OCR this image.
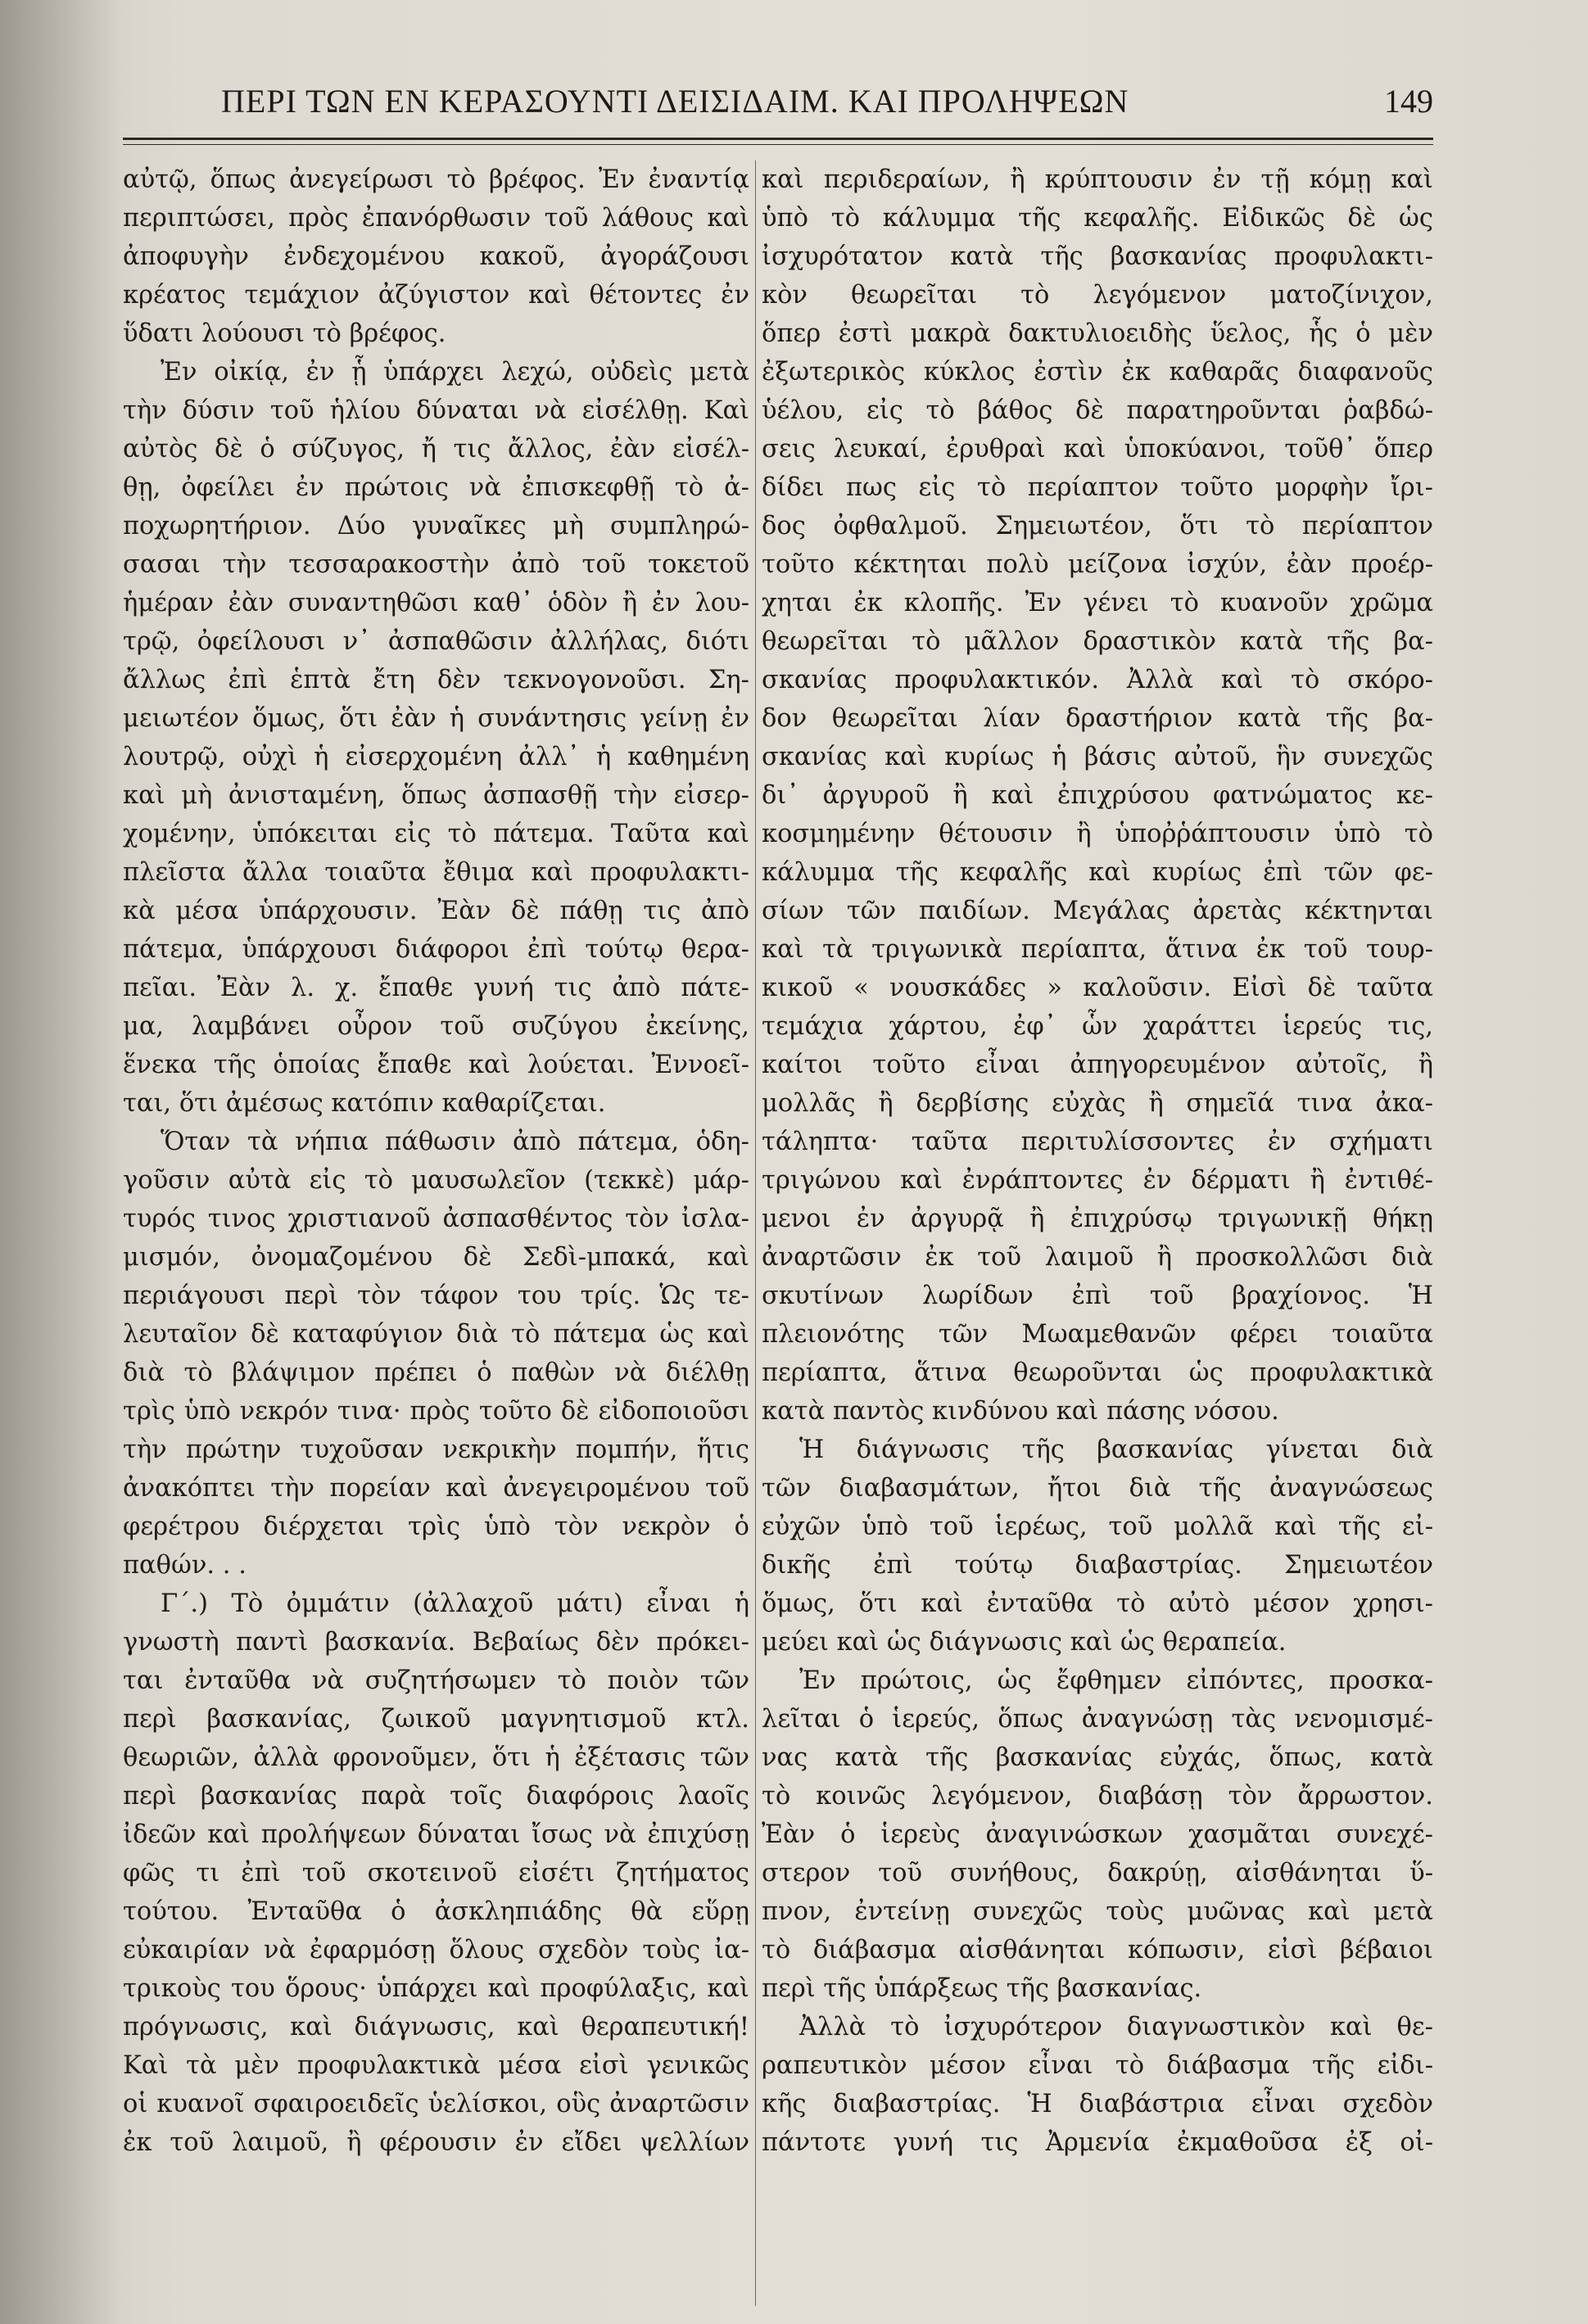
ΠΕΡΙ ΤΩΝ ΕΝ ΚΕΡΑΣΟΥΝΤΙ ΔΕΙΣΙΔΑΙΜ. ΚΑΙ ΠΡΟΛΗΨΕΩΝ	149
αὐτῷ, ὅπως ἀνεγείρωσι τὸ βρέφος. Ἐν ἐναντίᾳ
περιπτώσει, πρὸς ἐπανόρθωσιν τοῦ λάθους καὶ
ἀποφυγὴν ἐνδεχομένου κακοῦ, ἀγοράζουσι
κρέατος τεμάχιον ἀζύγιστον καὶ θέτοντες ἐν
ὕδατι λούουσι τὸ βρέφος.
Ἐν οἰκίᾳ, ἐν ᾗ ὑπάρχει λεχώ, οὐδεὶς μετὰ
τὴν δύσιν τοῦ ἡλίου δύναται νὰ εἰσέλθῃ. Καὶ
αὐτὸς δὲ ὁ σύζυγος, ἤ τις ἄλλος, ἐὰν εἰσέλ-
θῃ, ὀφείλει ἐν πρώτοις νὰ ἐπισκεφθῇ τὸ ἀ-
ποχωρητήριον. Δύο γυναῖκες μὴ συμπληρώ-
σασαι τὴν τεσσαρακοστὴν ἀπὸ τοῦ τοκετοῦ
ἡμέραν ἐὰν συναντηθῶσι καθ᾽ ὁδὸν ἢ ἐν λου-
τρῷ, ὀφείλουσι ν᾽ ἀσπαθῶσιν ἀλλήλας, διότι
ἄλλως ἐπὶ ἑπτὰ ἔτη δὲν τεκνογονοῦσι. Ση-
μειωτέον ὅμως, ὅτι ἐὰν ἡ συνάντησις γείνῃ ἐν
λουτρῷ, οὐχὶ ἡ εἰσερχομένη ἀλλ᾽ ἡ καθημένη
καὶ μὴ ἀνισταμένη, ὅπως ἀσπασθῇ τὴν εἰσερ-
χομένην, ὑπόκειται εἰς τὸ πάτεμα. Ταῦτα καὶ
πλεῖστα ἄλλα τοιαῦτα ἔθιμα καὶ προφυλακτι-
κὰ μέσα ὑπάρχουσιν. Ἐὰν δὲ πάθῃ τις ἀπὸ
πάτεμα, ὑπάρχουσι διάφοροι ἐπὶ τούτῳ θερα-
πεῖαι. Ἐὰν λ. χ. ἔπαθε γυνή τις ἀπὸ πάτε-
μα, λαμβάνει οὖρον τοῦ συζύγου ἐκείνης,
ἕνεκα τῆς ὁποίας ἔπαθε καὶ λούεται. Ἐννοεῖ-
ται, ὅτι ἀμέσως κατόπιν καθαρίζεται.
Ὅταν τὰ νήπια πάθωσιν ἀπὸ πάτεμα, ὁδη-
γοῦσιν αὐτὰ εἰς τὸ μαυσωλεῖον (τεκκὲ) μάρ-
τυρός τινος χριστιανοῦ ἀσπασθέντος τὸν ἰσλα-
μισμόν, ὀνομαζομένου δὲ Σεδὶ-μπακά, καὶ
περιάγουσι περὶ τὸν τάφον του τρίς. Ὡς τε-
λευταῖον δὲ καταφύγιον διὰ τὸ πάτεμα ὡς καὶ
διὰ τὸ βλάψιμον πρέπει ὁ παθὼν νὰ διέλθῃ
τρὶς ὑπὸ νεκρόν τινα· πρὸς τοῦτο δὲ εἰδοποιοῦσι
τὴν πρώτην τυχοῦσαν νεκρικὴν πομπήν, ἥτις
ἀνακόπτει τὴν πορείαν καὶ ἀνεγειρομένου τοῦ
φερέτρου διέρχεται τρὶς ὑπὸ τὸν νεκρὸν ὁ
παθών. . .
Γ΄.) Τὸ ὀμμάτιν (ἀλλαχοῦ μάτι) εἶναι ἡ
γνωστὴ παντὶ βασκανία. Βεβαίως δὲν πρόκει-
ται ἐνταῦθα νὰ συζητήσωμεν τὸ ποιὸν τῶν
περὶ βασκανίας, ζωικοῦ μαγνητισμοῦ κτλ.
θεωριῶν, ἀλλὰ φρονοῦμεν, ὅτι ἡ ἐξέτασις τῶν
περὶ βασκανίας παρὰ τοῖς διαφόροις λαοῖς
ἰδεῶν καὶ προλήψεων δύναται ἴσως νὰ ἐπιχύσῃ
φῶς τι ἐπὶ τοῦ σκοτεινοῦ εἰσέτι ζητήματος
τούτου. Ἐνταῦθα ὁ ἀσκληπιάδης θὰ εὕρῃ
εὐκαιρίαν νὰ ἐφαρμόσῃ ὅλους σχεδὸν τοὺς ἰα-
τρικοὺς του ὅρους· ὑπάρχει καὶ προφύλαξις, καὶ
πρόγνωσις, καὶ διάγνωσις, καὶ θεραπευτική!
Καὶ τὰ μὲν προφυλακτικὰ μέσα εἰσὶ γενικῶς
οἱ κυανοῖ σφαιροειδεῖς ὑελίσκοι, οὓς ἀναρτῶσιν
ἐκ τοῦ λαιμοῦ, ἢ φέρουσιν ἐν εἴδει ψελλίων
καὶ περιδεραίων, ἢ κρύπτουσιν ἐν τῇ κόμῃ καὶ
ὑπὸ τὸ κάλυμμα τῆς κεφαλῆς. Εἰδικῶς δὲ ὡς
ἰσχυρότατον κατὰ τῆς βασκανίας προφυλακτι-
κὸν θεωρεῖται τὸ λεγόμενον ματοζίνιχον,
ὅπερ ἐστὶ μακρὰ δακτυλιοειδὴς ὕελος, ἧς ὁ μὲν
ἐξωτερικὸς κύκλος ἐστὶν ἐκ καθαρᾶς διαφανοῦς
ὑέλου, εἰς τὸ βάθος δὲ παρατηροῦνται ῥαβδώ-
σεις λευκαί, ἐρυθραὶ καὶ ὑποκύανοι, τοῦθ᾽ ὅπερ
δίδει πως εἰς τὸ περίαπτον τοῦτο μορφὴν ἴρι-
δος ὀφθαλμοῦ. Σημειωτέον, ὅτι τὸ περίαπτον
τοῦτο κέκτηται πολὺ μείζονα ἰσχύν, ἐὰν προέρ-
χηται ἐκ κλοπῆς. Ἐν γένει τὸ κυανοῦν χρῶμα
θεωρεῖται τὸ μᾶλλον δραστικὸν κατὰ τῆς βα-
σκανίας προφυλακτικόν. Ἀλλὰ καὶ τὸ σκόρο-
δον θεωρεῖται λίαν δραστήριον κατὰ τῆς βα-
σκανίας καὶ κυρίως ἡ βάσις αὐτοῦ, ἣν συνεχῶς
δι᾽ ἀργυροῦ ἢ καὶ ἐπιχρύσου φατνώματος κε-
κοσμημένην θέτουσιν ἢ ὑποῤῥάπτουσιν ὑπὸ τὸ
κάλυμμα τῆς κεφαλῆς καὶ κυρίως ἐπὶ τῶν φε-
σίων τῶν παιδίων. Μεγάλας ἀρετὰς κέκτηνται
καὶ τὰ τριγωνικὰ περίαπτα, ἅτινα ἐκ τοῦ τουρ-
κικοῦ « νουσκάδες » καλοῦσιν. Εἰσὶ δὲ ταῦτα
τεμάχια χάρτου, ἐφ᾽ ὧν χαράττει ἱερεύς τις,
καίτοι τοῦτο εἶναι ἀπηγορευμένον αὐτοῖς, ἢ
μολλᾶς ἢ δερβίσης εὐχὰς ἢ σημεῖά τινα ἀκα-
τάληπτα· ταῦτα περιτυλίσσοντες ἐν σχήματι
τριγώνου καὶ ἐνράπτοντες ἐν δέρματι ἢ ἐντιθέ-
μενοι ἐν ἀργυρᾷ ἢ ἐπιχρύσῳ τριγωνικῇ θήκῃ
ἀναρτῶσιν ἐκ τοῦ λαιμοῦ ἢ προσκολλῶσι διὰ
σκυτίνων λωρίδων ἐπὶ τοῦ βραχίονος. Ἡ
πλειονότης τῶν Μωαμεθανῶν φέρει τοιαῦτα
περίαπτα, ἅτινα θεωροῦνται ὡς προφυλακτικὰ
κατὰ παντὸς κινδύνου καὶ πάσης νόσου.
Ἡ διάγνωσις τῆς βασκανίας γίνεται διὰ
τῶν διαβασμάτων, ἤτοι διὰ τῆς ἀναγνώσεως
εὐχῶν ὑπὸ τοῦ ἱερέως, τοῦ μολλᾶ καὶ τῆς εἰ-
δικῆς ἐπὶ τούτῳ διαβαστρίας. Σημειωτέον
ὅμως, ὅτι καὶ ἐνταῦθα τὸ αὐτὸ μέσον χρησι-
μεύει καὶ ὡς διάγνωσις καὶ ὡς θεραπεία.
Ἐν πρώτοις, ὡς ἔφθημεν εἰπόντες, προσκα-
λεῖται ὁ ἱερεύς, ὅπως ἀναγνώσῃ τὰς νενομισμέ-
νας κατὰ τῆς βασκανίας εὐχάς, ὅπως, κατὰ
τὸ κοινῶς λεγόμενον, διαβάσῃ τὸν ἄρρωστον.
Ἐὰν ὁ ἱερεὺς ἀναγινώσκων χασμᾶται συνεχέ-
στερον τοῦ συνήθους, δακρύῃ, αἰσθάνηται ὕ-
πνον, ἐντείνῃ συνεχῶς τοὺς μυῶνας καὶ μετὰ
τὸ διάβασμα αἰσθάνηται κόπωσιν, εἰσὶ βέβαιοι
περὶ τῆς ὑπάρξεως τῆς βασκανίας.
Ἀλλὰ τὸ ἰσχυρότερον διαγνωστικὸν καὶ θε-
ραπευτικὸν μέσον εἶναι τὸ διάβασμα τῆς εἰδι-
κῆς διαβαστρίας. Ἡ διαβάστρια εἶναι σχεδὸν
πάντοτε γυνή τις Ἀρμενία ἐκμαθοῦσα ἐξ οἰ-
